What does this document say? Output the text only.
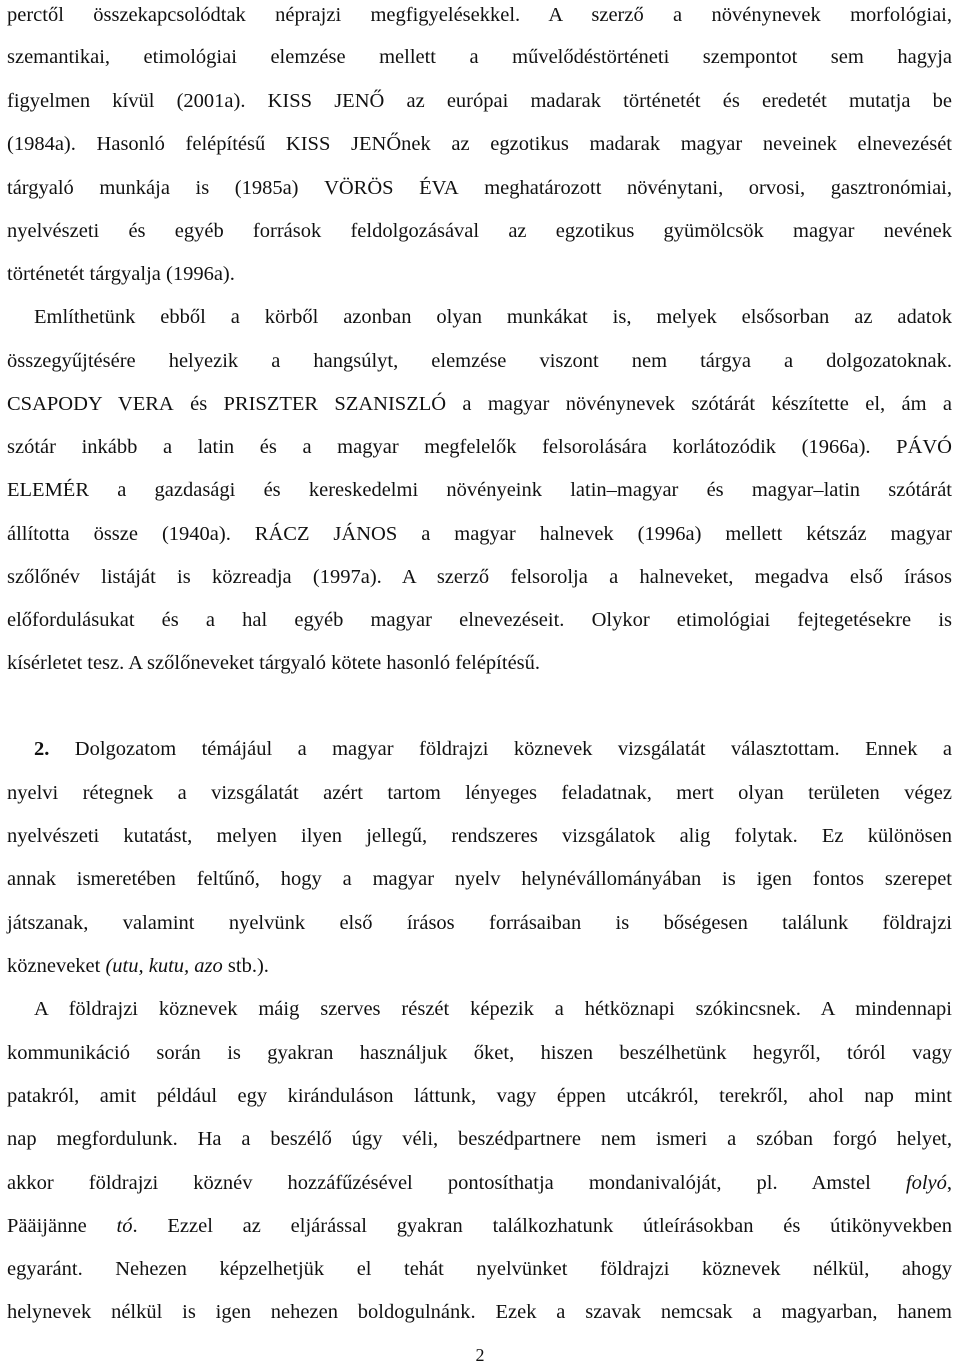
perctől összekapcsolódtak néprajzi megfigyelésekkel. A szerző a növénynevek morfológiai,
szemantikai, etimológiai elemzése mellett a művelődéstörténeti szempontot sem hagyja
figyelmen kívül (2001a). KISS JENŐ az európai madarak történetét és eredetét mutatja be
(1984a). Hasonló felépítésű KISS JENŐnek az egzotikus madarak magyar neveinek elnevezését
tárgyaló munkája is (1985a) VÖRÖS ÉVA meghatározott növénytani, orvosi, gasztronómiai,
nyelvészeti és egyéb források feldolgozásával az egzotikus gyümölcsök magyar nevének
történetét tárgyalja (1996a).
Említhetünk ebből a körből azonban olyan munkákat is, melyek elsősorban az adatok
összegyűjtésére helyezik a hangsúlyt, elemzése viszont nem tárgya a dolgozatoknak.
CSAPODY VERA és PRISZTER SZANISZLÓ a magyar növénynevek szótárát készítette el, ám a
szótár inkább a latin és a magyar megfelelők felsorolására korlátozódik (1966a). PÁVÓ
ELEMÉR a gazdasági és kereskedelmi növényeink latin–magyar és magyar–latin szótárát
állította össze (1940a). RÁCZ JÁNOS a magyar halnevek (1996a) mellett kétszáz magyar
szőlőnév listáját is közreadja (1997a). A szerző felsorolja a halneveket, megadva első írásos
előfordulásukat és a hal egyéb magyar elnevezéseit. Olykor etimológiai fejtegetésekre is
kísérletet tesz. A szőlőneveket tárgyaló kötete hasonló felépítésű.
2. Dolgozatom témájául a magyar földrajzi köznevek vizsgálatát választottam. Ennek a
nyelvi rétegnek a vizsgálatát azért tartom lényeges feladatnak, mert olyan területen végez
nyelvészeti kutatást, melyen ilyen jellegű, rendszeres vizsgálatok alig folytak. Ez különösen
annak ismeretében feltűnő, hogy a magyar nyelv helynévállományában is igen fontos szerepet
játszanak, valamint nyelvünk első írásos forrásaiban is bőségesen találunk földrajzi
közneveket (utu, kutu, azo stb.).
A földrajzi köznevek máig szerves részét képezik a hétköznapi szókincsnek. A mindennapi
kommunikáció során is gyakran használjuk őket, hiszen beszélhetünk hegyről, tóról vagy
patakról, amit például egy kiránduláson láttunk, vagy éppen utcákról, terekről, ahol nap mint
nap megfordulunk. Ha a beszélő úgy véli, beszédpartnere nem ismeri a szóban forgó helyet,
akkor földrajzi köznév hozzáfűzésével pontosíthatja mondanivalóját, pl. Amstel folyó,
Pääijänne tó. Ezzel az eljárással gyakran találkozhatunk útleírásokban és útikönyvekben
egyaránt. Nehezen képzelhetjük el tehát nyelvünket földrajzi köznevek nélkül, ahogy
helynevek nélkül is igen nehezen boldogulnánk. Ezek a szavak nemcsak a magyarban, hanem
2
